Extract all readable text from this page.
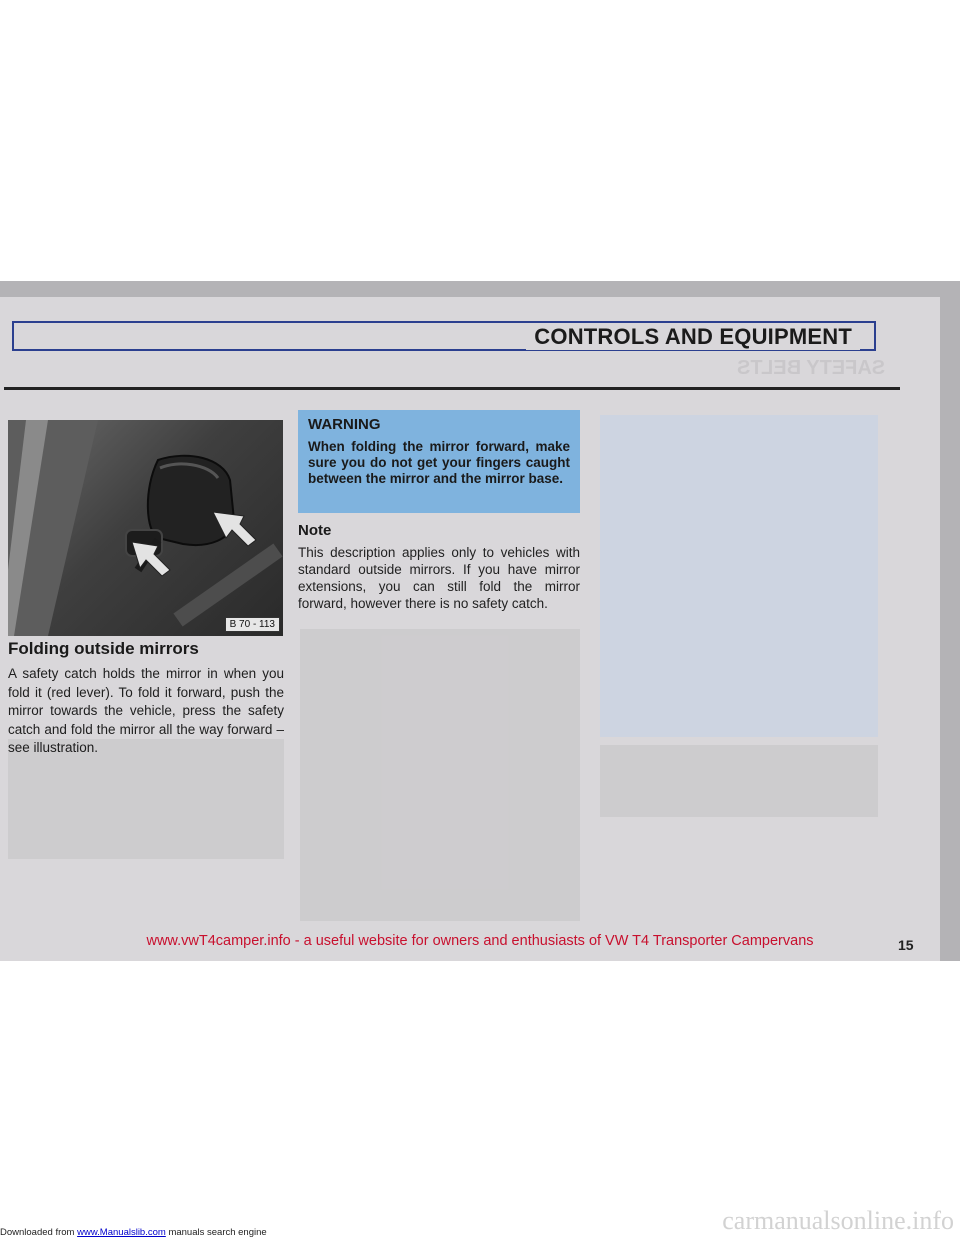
CONTROLS AND EQUIPMENT
SAFETY BELTS
B 70 - 113
Folding outside mirrors

A safety catch holds the mirror in when you fold it (red lever). To fold it forward, push the mirror towards the vehicle, press the safety catch and fold the mirror all the way forward – see illustration.

WARNING

When folding the mirror forward, make sure you do not get your fingers caught between the mirror and the mirror base.

Note

This description applies only to vehicles with standard outside mirrors. If you have mirror extensions, you can still fold the mirror forward, however there is no safety catch.

15

www.vwT4camper.info - a useful website for owners and enthusiasts of VW T4 Transporter Campervans

Downloaded from www.Manualslib.com manuals search engine	carmanualsonline.info
